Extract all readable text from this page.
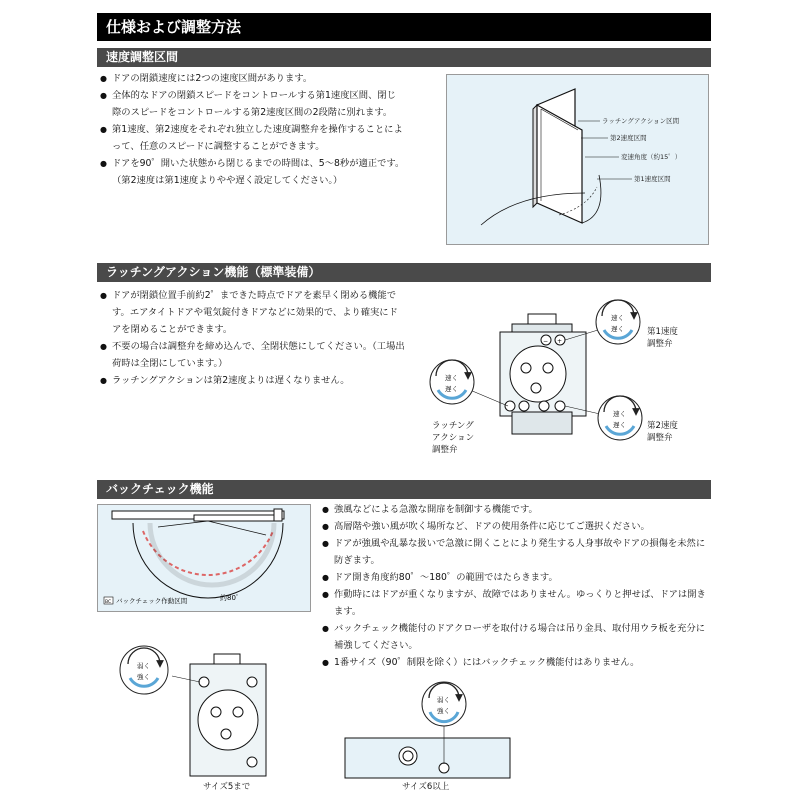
仕様および調整方法
速度調整区間
● ドアの閉鎖速度には2つの速度区間があります。
● 全体的なドアの閉鎖スピードをコントロールする第1速度区間、閉じ際のスピードをコントロールする第2速度区間の2段階に別れます。
● 第1速度、第2速度をそれぞれ独立した速度調整弁を操作することによって、任意のスピードに調整することができます。
● ドアを90゜開いた状態から閉じるまでの時間は、5～8秒が適正です。（第2速度は第1速度よりやや遅く設定してください。）
ラッチングアクション区間
第2速度区間
変速角度（約15゜）
第1速度区間
ラッチングアクション機能（標準装備）
● ドアが閉鎖位置手前約2゜まできた時点でドアを素早く閉める機能です。エアタイトドアや電気錠付きドアなどに効果的で、より確実にドアを閉めることができます。
● 不要の場合は調整弁を締め込んで、全閉状態にしてください。（工場出荷時は全閉にしています。）
● ラッチングアクションは第2速度よりは遅くなりません。
− +
速く
遅く
速く
遅く
速く
遅く
第1速度
調整弁
第2速度
調整弁
ラッチング
アクション
調整弁
バックチェック機能
BC バックチェック作動区間	約80゜
● 強風などによる急激な開扉を制御する機能です。
● 高層階や強い風が吹く場所など、ドアの使用条件に応じてご選択ください。
● ドアが強風や乱暴な扱いで急激に開くことにより発生する人身事故やドアの損傷を未然に防ぎます。
● ドア開き角度約80゜～180゜の範囲ではたらきます。
● 作動時にはドアが重くなりますが、故障ではありません。ゆっくりと押せば、ドアは開きます。
● バックチェック機能付のドアクローザを取付ける場合は吊り金具、取付用ウラ板を充分に補強してください。
● 1番サイズ（90゜制限を除く）にはバックチェック機能付はありません。
弱く
強く
サイズ5まで
弱く
強く
サイズ6以上
